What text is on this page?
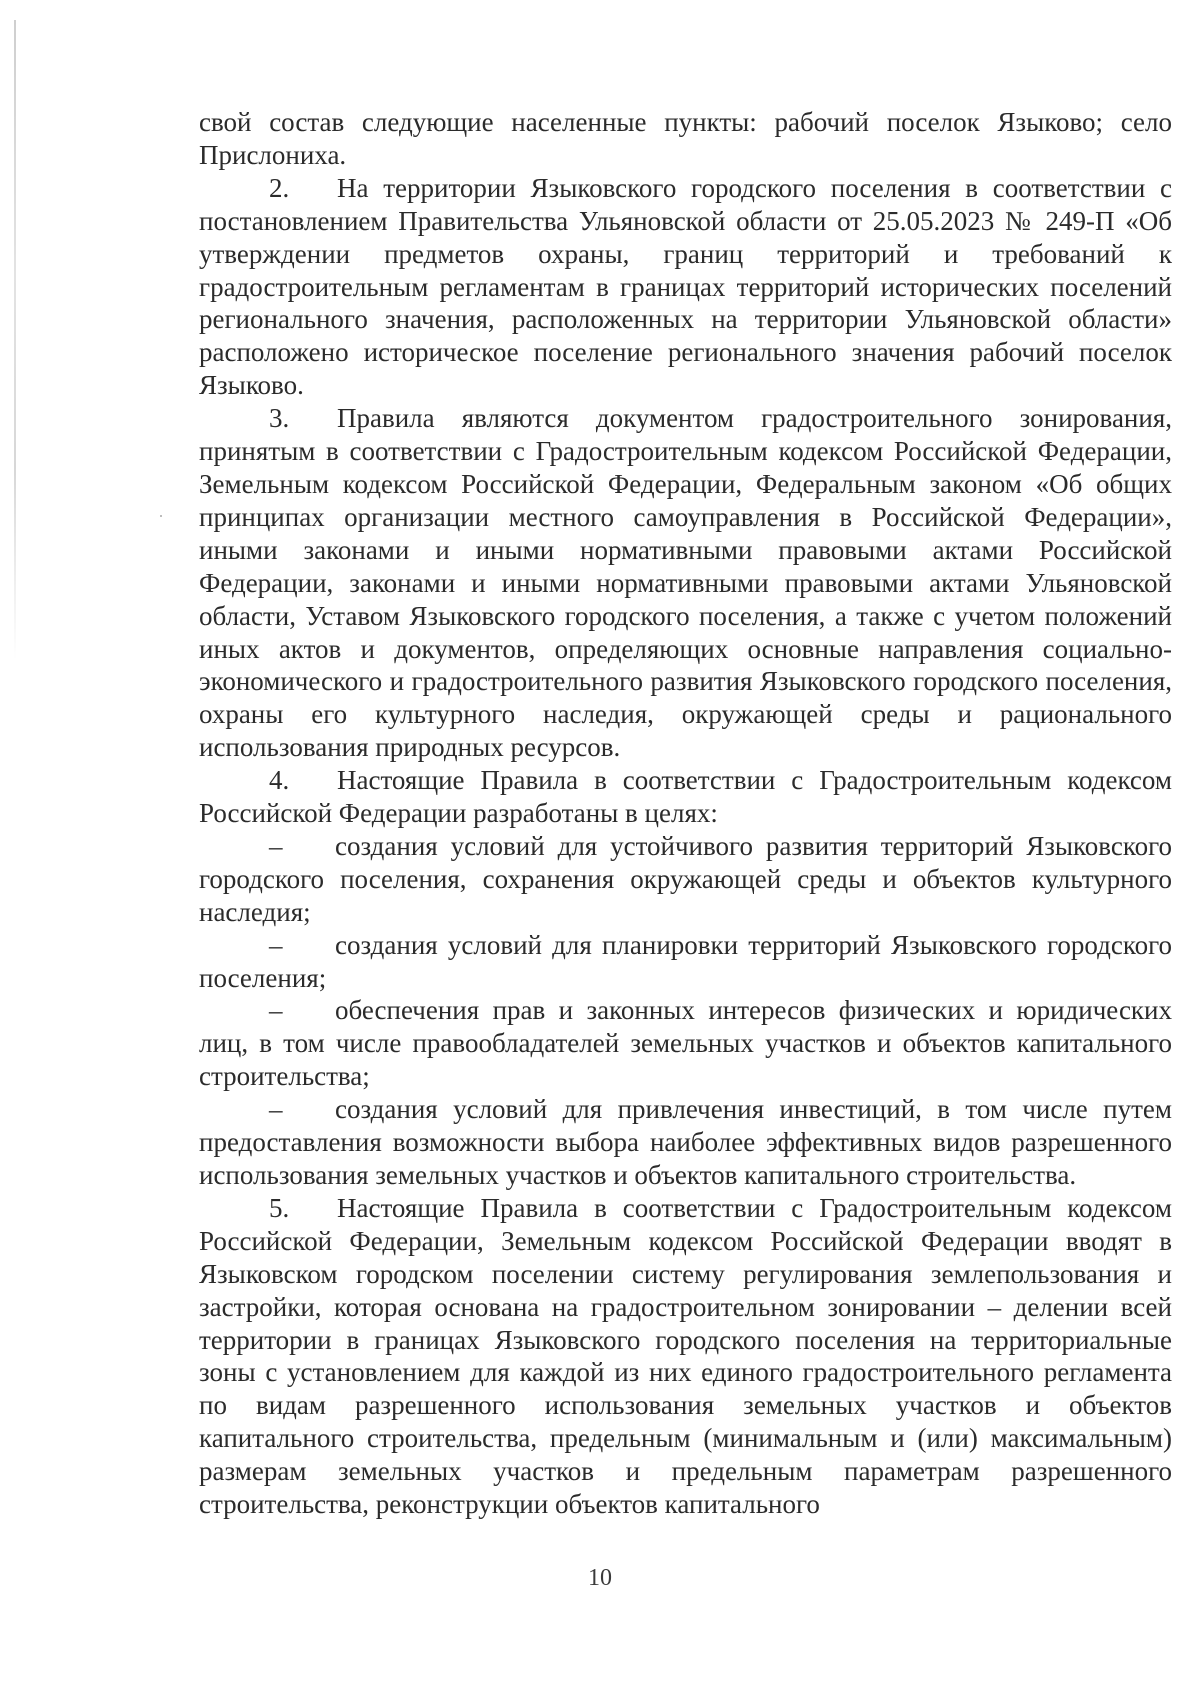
свой состав следующие населенные пункты: рабочий поселок Языково; село Прислониха.

2. На территории Языковского городского поселения в соответствии с постановлением Правительства Ульяновской области от 25.05.2023 № 249-П «Об утверждении предметов охраны, границ территорий и требований к градостроительным регламентам в границах территорий исторических поселений регионального значения, расположенных на территории Ульяновской области» расположено историческое поселение регионального значения рабочий поселок Языково.

3. Правила являются документом градостроительного зонирования, принятым в соответствии с Градостроительным кодексом Российской Федерации, Земельным кодексом Российской Федерации, Федеральным законом «Об общих принципах организации местного самоуправления в Российской Федерации», иными законами и иными нормативными правовыми актами Российской Федерации, законами и иными нормативными правовыми актами Ульяновской области, Уставом Языковского городского поселения, а также с учетом положений иных актов и документов, определяющих основные направления социально-экономического и градостроительного развития Языковского городского поселения, охраны его культурного наследия, окружающей среды и рационального использования природных ресурсов.

4. Настоящие Правила в соответствии с Градостроительным кодексом Российской Федерации разработаны в целях:

– создания условий для устойчивого развития территорий Языковского городского поселения, сохранения окружающей среды и объектов культурного наследия;

– создания условий для планировки территорий Языковского городского поселения;

– обеспечения прав и законных интересов физических и юридических лиц, в том числе правообладателей земельных участков и объектов капитального строительства;

– создания условий для привлечения инвестиций, в том числе путем предоставления возможности выбора наиболее эффективных видов разрешенного использования земельных участков и объектов капитального строительства.

5. Настоящие Правила в соответствии с Градостроительным кодексом Российской Федерации, Земельным кодексом Российской Федерации вводят в Языковском городском поселении систему регулирования землепользования и застройки, которая основана на градостроительном зонировании – делении всей территории в границах Языковского городского поселения на территориальные зоны с установлением для каждой из них единого градостроительного регламента по видам разрешенного использования земельных участков и объектов капитального строительства, предельным (минимальным и (или) максимальным) размерам земельных участков и предельным параметрам разрешенного строительства, реконструкции объектов капитального

10
